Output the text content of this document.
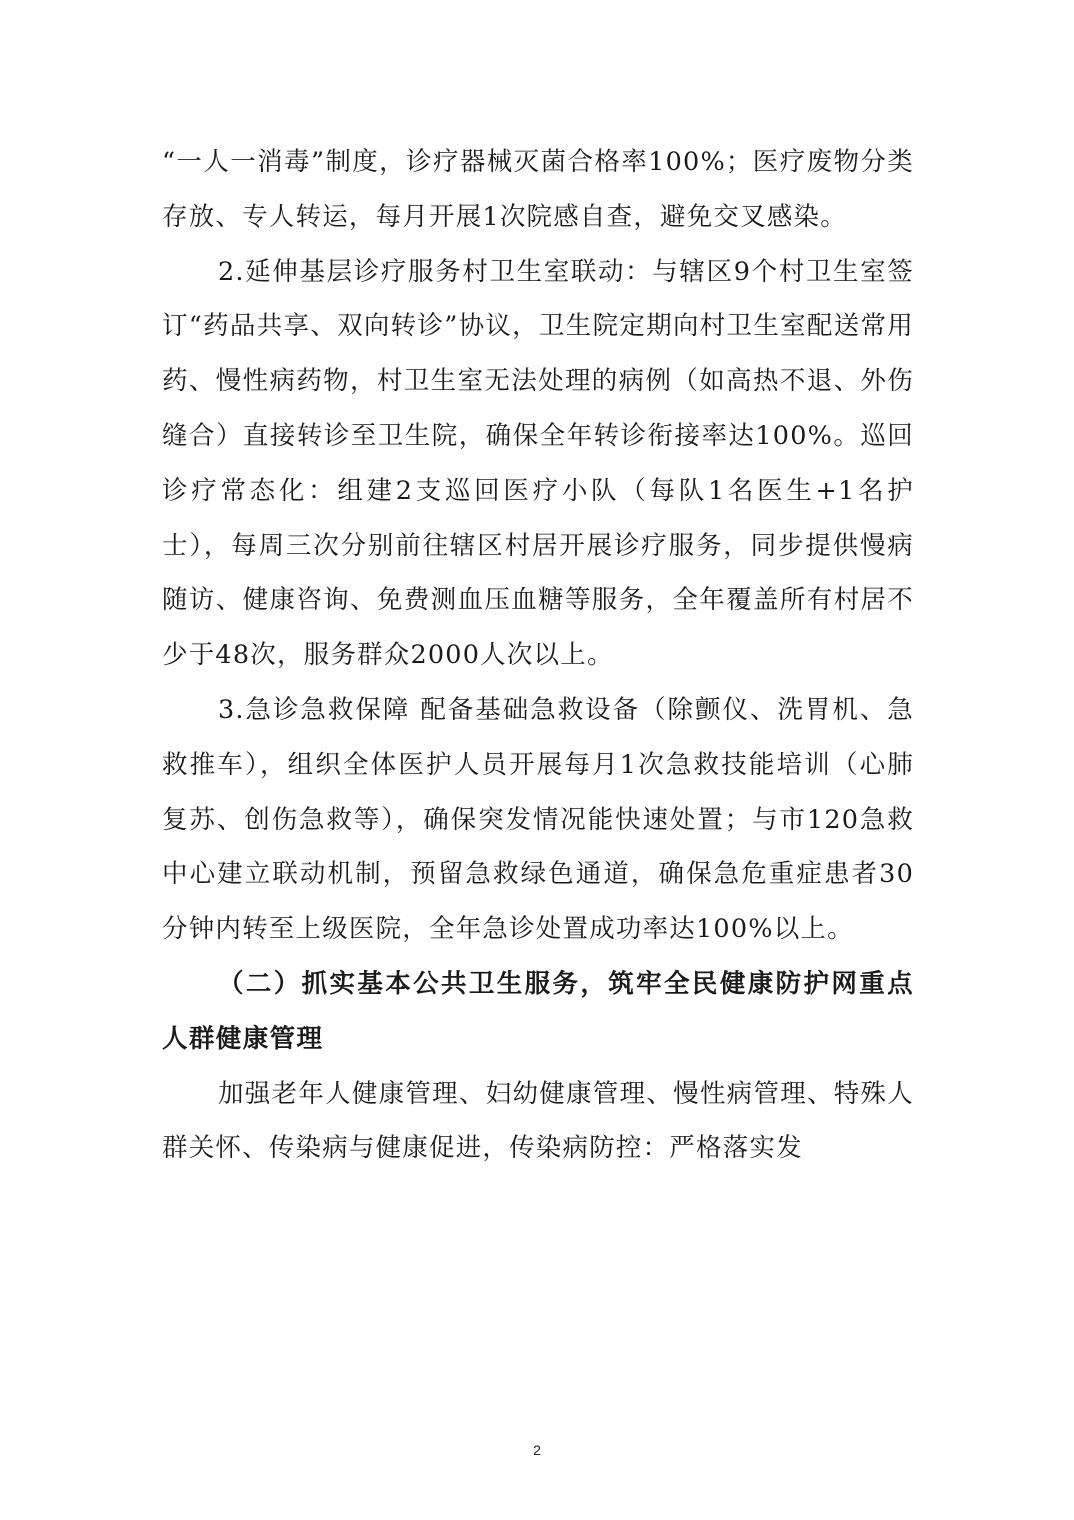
“一人一消毒”制度，诊疗器械灭菌合格率100%；医疗废物分类存放、专人转运，每月开展1次院感自查，避免交叉感染。

2.延伸基层诊疗服务村卫生室联动：与辖区9个村卫生室签订“药品共享、双向转诊”协议，卫生院定期向村卫生室配送常用药、慢性病药物，村卫生室无法处理的病例（如高热不退、外伤缝合）直接转诊至卫生院，确保全年转诊衔接率达100%。巡回诊疗常态化：组建2支巡回医疗小队（每队1名医生+1名护士），每周三次分别前往辖区村居开展诊疗服务，同步提供慢病随访、健康咨询、免费测血压血糖等服务，全年覆盖所有村居不少于48次，服务群众2000人次以上。

3.急诊急救保障 配备基础急救设备（除颤仪、洗胃机、急救推车），组织全体医护人员开展每月1次急救技能培训（心肺复苏、创伤急救等），确保突发情况能快速处置；与市120急救中心建立联动机制，预留急救绿色通道，确保急危重症患者30分钟内转至上级医院，全年急诊处置成功率达100%以上。

（二）抓实基本公共卫生服务，筑牢全民健康防护网重点人群健康管理

加强老年人健康管理、妇幼健康管理、慢性病管理、特殊人群关怀、传染病与健康促进，传染病防控：严格落实发

2
